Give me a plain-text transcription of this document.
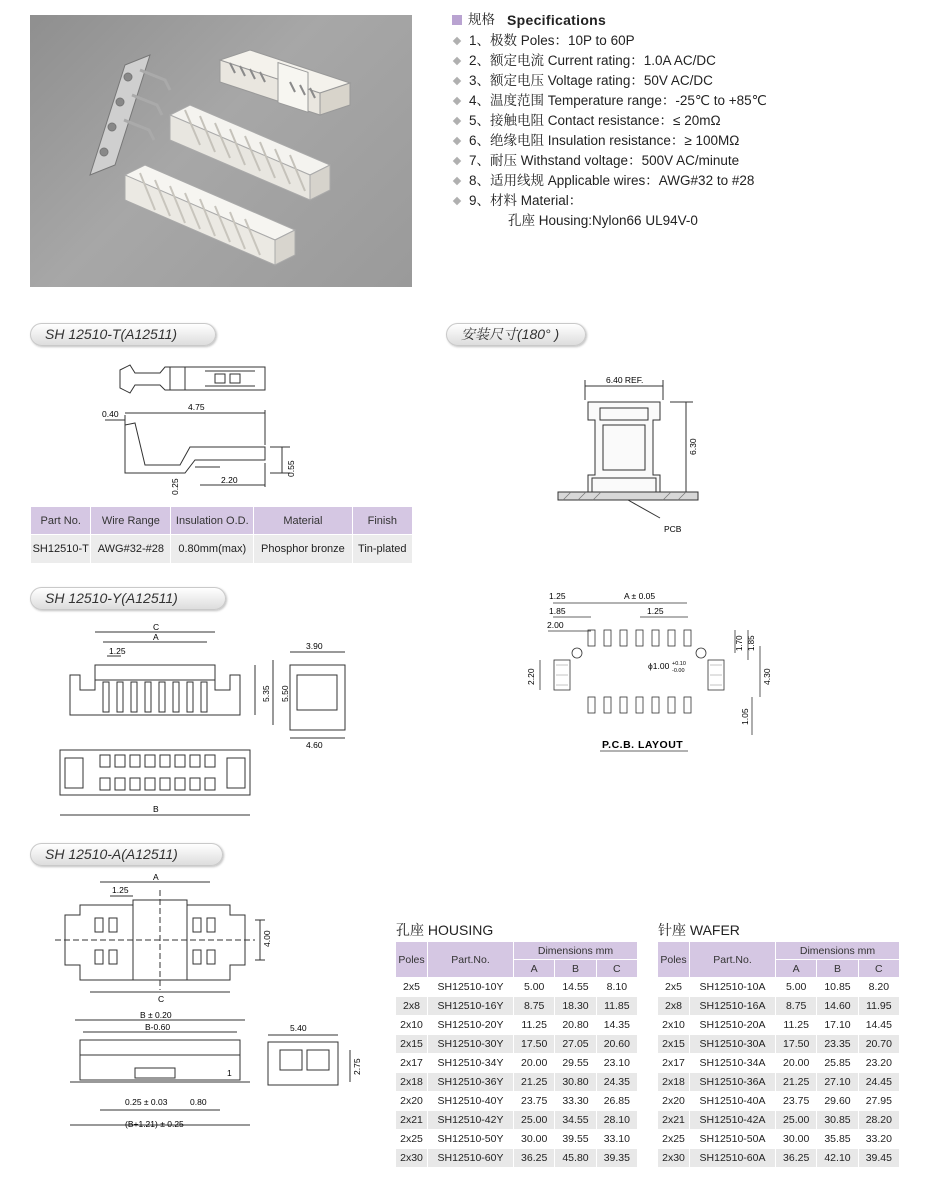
规格 Specifications
1、极数 Poles：10P to 60P
2、额定电流 Current rating：1.0A AC/DC
3、额定电压 Voltage rating：50V AC/DC
4、温度范围 Temperature range：-25℃ to +85℃
5、接触电阻 Contact resistance：≤ 20mΩ
6、绝缘电阻 Insulation resistance：≥ 100MΩ
7、耐压 Withstand voltage：500V AC/minute
8、适用线规 Applicable wires：AWG#32 to #28
9、材料 Material：
孔座 Housing:Nylon66 UL94V-0
SH 12510-T(A12511)	安装尺寸(180° )
SH 12510-Y(A12511)
SH 12510-A(A12511)
0.40
4.75
2.20
0.25
0.55
Part No.	Wire Range	Insulation O.D.	Material	Finish
SH12510-T	AWG#32-#28	0.80mm(max)	Phosphor bronze	Tin-plated
6.40 REF.
6.30
PCB
A ± 0.05
1.25
1.85	1.25
2.00
1.70 1.85
4.30
1.05
2.20
ϕ1.00 +0.10
-0.00
P.C.B. LAYOUT
C
A
1.25
5.35 5.50
3.90
4.60
B
A
1.25
4.00
C
B ± 0.20
B-0.60	5.40
2.75
0.25 ± 0.03	0.80
(B+1.21) ± 0.25
1
孔座 HOUSING
Poles	Part.No.	Dimensions mm		
		A	B	C
2x5	SH12510-10Y	5.00	14.55	8.10
2x8	SH12510-16Y	8.75	18.30	11.85
2x10	SH12510-20Y	11.25	20.80	14.35
2x15	SH12510-30Y	17.50	27.05	20.60
2x17	SH12510-34Y	20.00	29.55	23.10
2x18	SH12510-36Y	21.25	30.80	24.35
2x20	SH12510-40Y	23.75	33.30	26.85
2x21	SH12510-42Y	25.00	34.55	28.10
2x25	SH12510-50Y	30.00	39.55	33.10
2x30	SH12510-60Y	36.25	45.80	39.35
针座 WAFER
Poles	Part.No.	Dimensions mm		
		A	B	C
2x5	SH12510-10A	5.00	10.85	8.20
2x8	SH12510-16A	8.75	14.60	11.95
2x10	SH12510-20A	11.25	17.10	14.45
2x15	SH12510-30A	17.50	23.35	20.70
2x17	SH12510-34A	20.00	25.85	23.20
2x18	SH12510-36A	21.25	27.10	24.45
2x20	SH12510-40A	23.75	29.60	27.95
2x21	SH12510-42A	25.00	30.85	28.20
2x25	SH12510-50A	30.00	35.85	33.20
2x30	SH12510-60A	36.25	42.10	39.45
